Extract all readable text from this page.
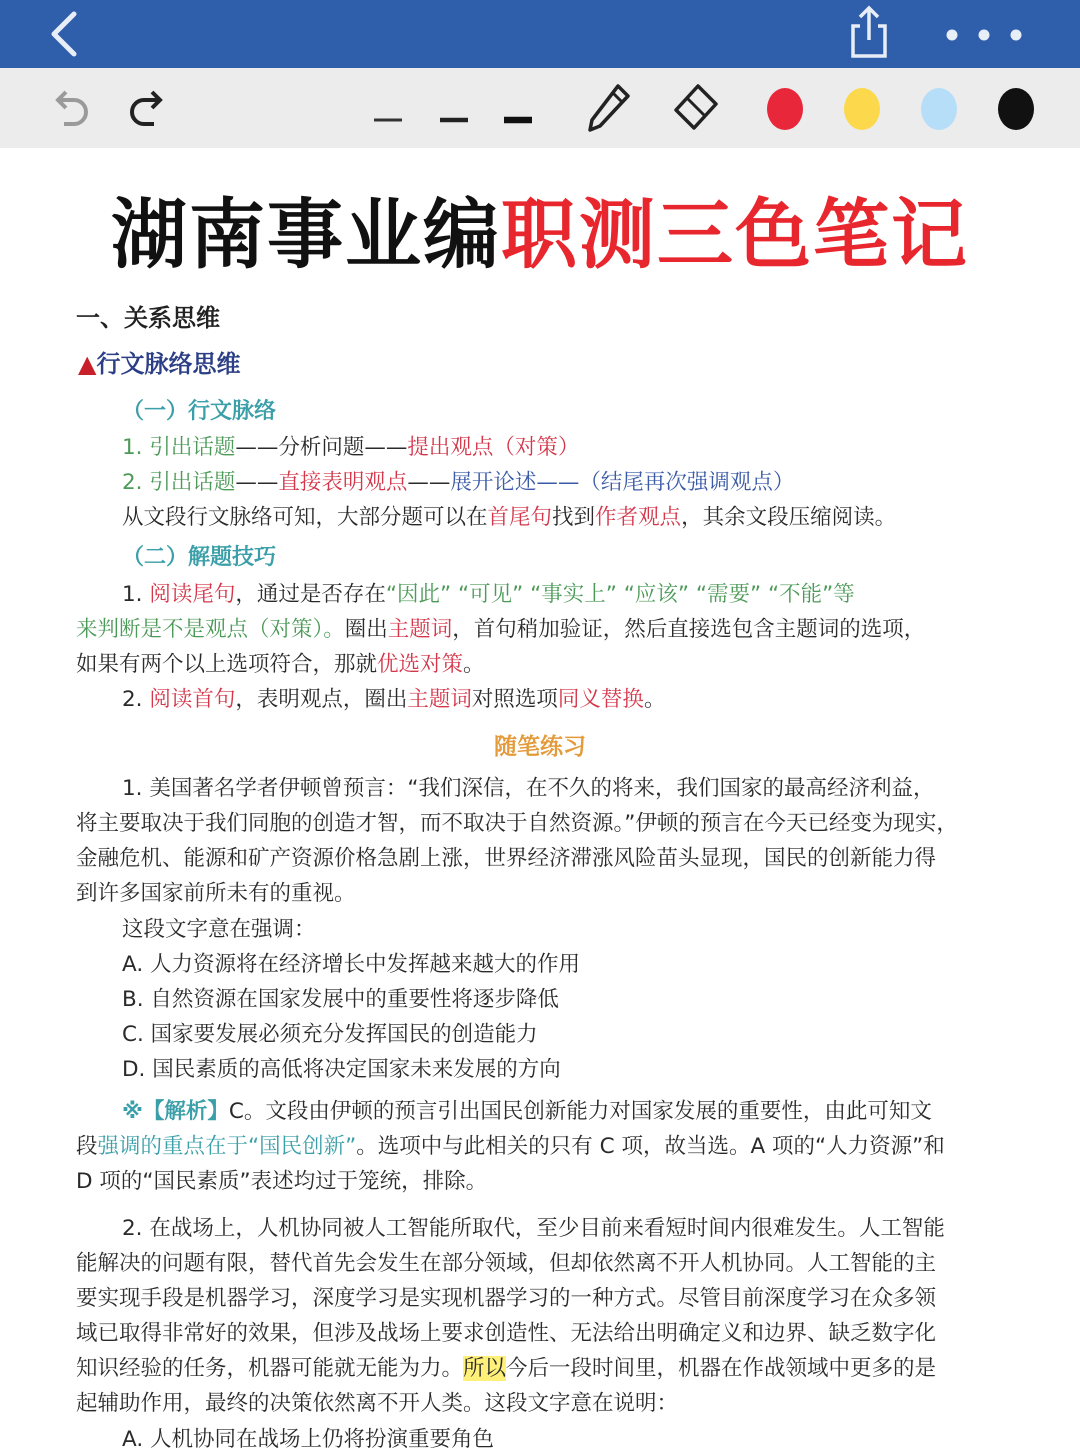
湖南事业编职测三色笔记
一、关系思维
▲行文脉络思维
（一）行文脉络
1. 引出话题——分析问题——提出观点（对策）
2. 引出话题——直接表明观点——展开论述——（结尾再次强调观点）
从文段行文脉络可知，大部分题可以在首尾句找到作者观点，其余文段压缩阅读。
（二）解题技巧
1. 阅读尾句，通过是否存在“因此” “可见” “事实上” “应该” “需要” “不能”等
来判断是不是观点（对策）。圈出主题词，首句稍加验证，然后直接选包含主题词的选项，
如果有两个以上选项符合，那就优选对策。
2. 阅读首句，表明观点，圈出主题词对照选项同义替换。
随笔练习
1. 美国著名学者伊顿曾预言：“我们深信，在不久的将来，我们国家的最高经济利益，
将主要取决于我们同胞的创造才智，而不取决于自然资源。”伊顿的预言在今天已经变为现实，
金融危机、能源和矿产资源价格急剧上涨，世界经济滞涨风险苗头显现，国民的创新能力得
到许多国家前所未有的重视。
这段文字意在强调：
A. 人力资源将在经济增长中发挥越来越大的作用
B. 自然资源在国家发展中的重要性将逐步降低
C. 国家要发展必须充分发挥国民的创造能力
D. 国民素质的高低将决定国家未来发展的方向
※【解析】C。文段由伊顿的预言引出国民创新能力对国家发展的重要性，由此可知文
段强调的重点在于“国民创新”。选项中与此相关的只有 C 项，故当选。A 项的“人力资源”和
D 项的“国民素质”表述均过于笼统，排除。
2. 在战场上，人机协同被人工智能所取代，至少目前来看短时间内很难发生。人工智能
能解决的问题有限，替代首先会发生在部分领域，但却依然离不开人机协同。人工智能的主
要实现手段是机器学习，深度学习是实现机器学习的一种方式。尽管目前深度学习在众多领
域已取得非常好的效果，但涉及战场上要求创造性、无法给出明确定义和边界、缺乏数字化
知识经验的任务，机器可能就无能为力。所以今后一段时间里，机器在作战领域中更多的是
起辅助作用，最终的决策依然离不开人类。这段文字意在说明：
A. 人机协同在战场上仍将扮演重要角色
